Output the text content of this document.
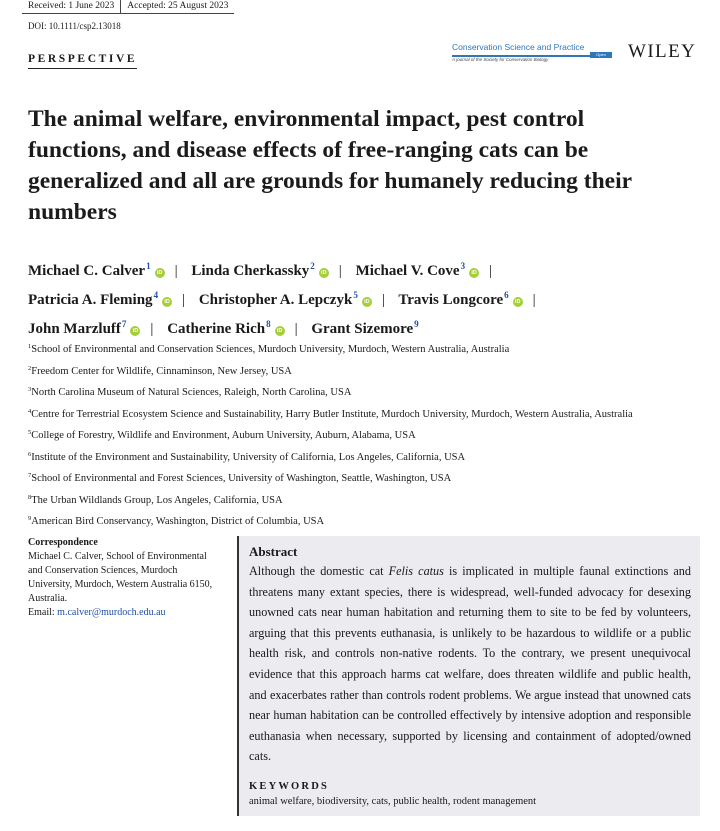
Received: 1 June 2023	Accepted: 25 August 2023
DOI: 10.1111/csp2.13018
PERSPECTIVE
Conservation Science and Practice
Open Access
A journal of the Society for Conservation Biology	WILEY
The animal welfare, environmental impact, pest control functions, and disease effects of free-ranging cats can be generalized and all are grounds for humanely reducing their numbers
Michael C. Calver$^1$iD | Linda Cherkassky$^2$iD | Michael V. Cove$^3$iD |
Patricia A. Fleming$^4$iD | Christopher A. Lepczyk$^5$iD | Travis Longcore$^6$iD |
John Marzluff$^7$iD | Catherine Rich$^8$iD | Grant Sizemore$^9$
$^1$School of Environmental and Conservation Sciences, Murdoch University, Murdoch, Western Australia, Australia
$^2$Freedom Center for Wildlife, Cinnaminson, New Jersey, USA
$^3$North Carolina Museum of Natural Sciences, Raleigh, North Carolina, USA
$^4$Centre for Terrestrial Ecosystem Science and Sustainability, Harry Butler Institute, Murdoch University, Murdoch, Western Australia, Australia
$^5$College of Forestry, Wildlife and Environment, Auburn University, Auburn, Alabama, USA
$^6$Institute of the Environment and Sustainability, University of California, Los Angeles, California, USA
$^7$School of Environmental and Forest Sciences, University of Washington, Seattle, Washington, USA
$^8$The Urban Wildlands Group, Los Angeles, California, USA
$^9$American Bird Conservancy, Washington, District of Columbia, USA
Correspondence
Michael C. Calver, School of Environmental and Conservation Sciences, Murdoch University, Murdoch, Western Australia 6150, Australia.
Email: m.calver@murdoch.edu.au
Abstract
Although the domestic cat Felis catus is implicated in multiple faunal extinctions and threatens many extant species, there is widespread, well-funded advocacy for desexing unowned cats near human habitation and returning them to site to be fed by volunteers, arguing that this prevents euthanasia, is unlikely to be hazardous to wildlife or a public health risk, and controls non-native rodents. To the contrary, we present unequivocal evidence that this approach harms cat welfare, does threaten wildlife and public health, and exacerbates rather than controls rodent problems. We argue instead that unowned cats near human habitation can be controlled effectively by intensive adoption and responsible euthanasia when necessary, supported by licensing and containment of adopted/owned cats.
KEYWORDS
animal welfare, biodiversity, cats, public health, rodent management
